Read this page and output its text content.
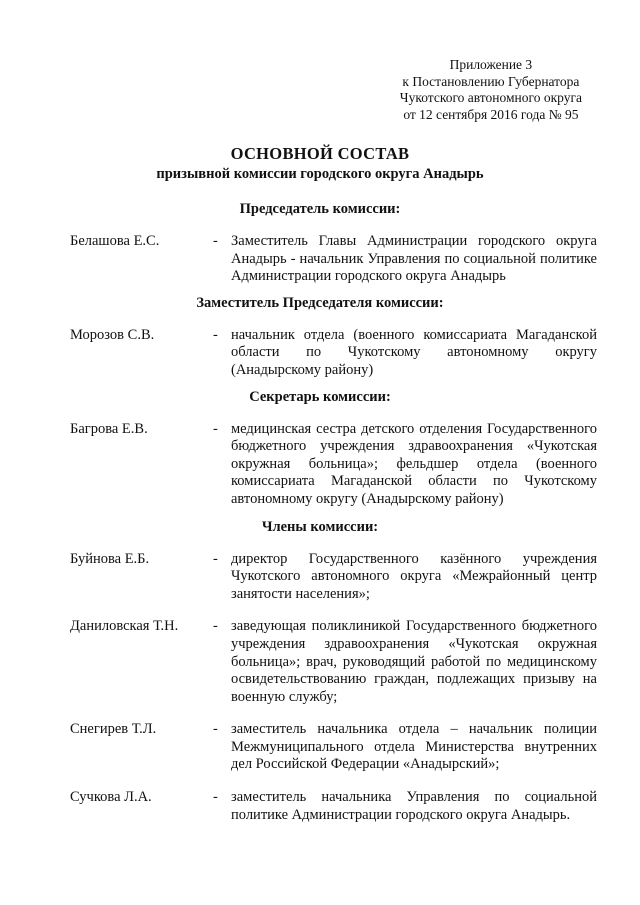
Приложение 3
к Постановлению Губернатора
Чукотского автономного округа
от 12 сентября 2016 года № 95
ОСНОВНОЙ СОСТАВ
призывной комиссии городского округа Анадырь
Председатель комиссии:
Белашова Е.С.	- Заместитель Главы Администрации городского округа Анадырь - начальник Управления по социальной политике Администрации городского округа Анадырь
Заместитель Председателя комиссии:
Морозов С.В.	- начальник отдела (военного комиссариата Магаданской области по Чукотскому автономному округу (Анадырскому району)
Секретарь комиссии:
Багрова Е.В.	- медицинская сестра детского отделения Государственного бюджетного учреждения здравоохранения «Чукотская окружная больница»; фельдшер отдела (военного комиссариата Магаданской области по Чукотскому автономному округу (Анадырскому району)
Члены комиссии:
Буйнова Е.Б.	- директор Государственного казённого учреждения Чукотского автономного округа «Межрайонный центр занятости населения»;
Даниловская Т.Н.	- заведующая поликлиникой Государственного бюджетного учреждения здравоохранения «Чукотская окружная больница»; врач, руководящий работой по медицинскому освидетельствованию граждан, подлежащих призыву на военную службу;
Снегирев Т.Л.	- заместитель начальника отдела – начальник полиции Межмуниципального отдела Министерства внутренних дел Российской Федерации «Анадырский»;
Сучкова Л.А.	- заместитель начальника Управления по социальной политике Администрации городского округа Анадырь.
